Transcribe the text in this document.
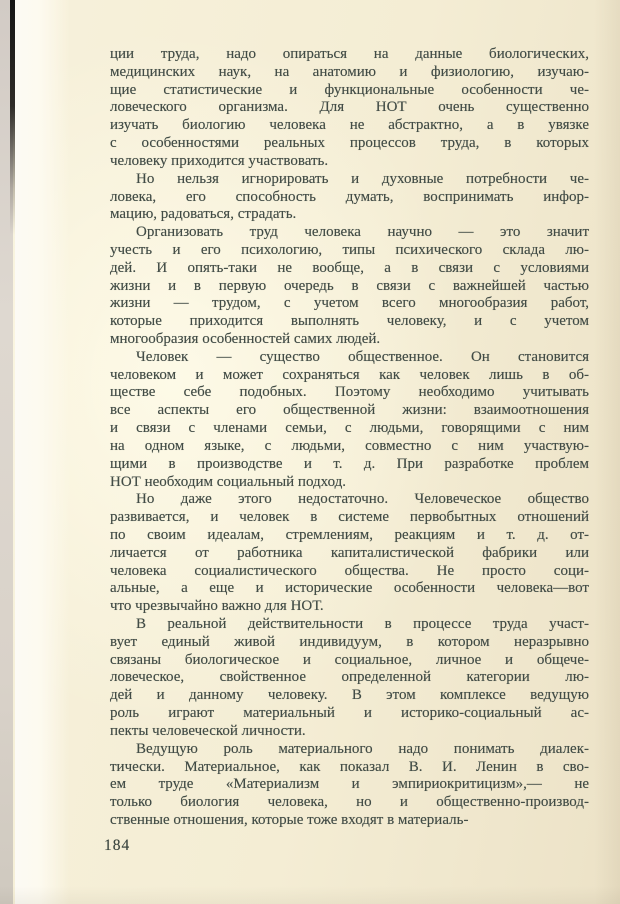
ции труда, надо опираться на данные биологических,
медицинских наук, на анатомию и физиологию, изучаю-
щие статистические и функциональные особенности че-
ловеческого организма. Для НОТ очень существенно
изучать биологию человека не абстрактно, а в увязке
с особенностями реальных процессов труда, в которых
человеку приходится участвовать.
Но нельзя игнорировать и духовные потребности че-
ловека, его способность думать, воспринимать инфор-
мацию, радоваться, страдать.
Организовать труд человека научно — это значит
учесть и его психологию, типы психического склада лю-
дей. И опять-таки не вообще, а в связи с условиями
жизни и в первую очередь в связи с важнейшей частью
жизни — трудом, с учетом всего многообразия работ,
которые приходится выполнять человеку, и с учетом
многообразия особенностей самих людей.
Человек — существо общественное. Он становится
человеком и может сохраняться как человек лишь в об-
ществе себе подобных. Поэтому необходимо учитывать
все аспекты его общественной жизни: взаимоотношения
и связи с членами семьи, с людьми, говорящими с ним
на одном языке, с людьми, совместно с ним участвую-
щими в производстве и т. д. При разработке проблем
НОТ необходим социальный подход.
Но даже этого недостаточно. Человеческое общество
развивается, и человек в системе первобытных отношений
по своим идеалам, стремлениям, реакциям и т. д. от-
личается от работника капиталистической фабрики или
человека социалистического общества. Не просто соци-
альные, а еще и исторические особенности человека—вот
что чрезвычайно важно для НОТ.
В реальной действительности в процессе труда участ-
вует единый живой индивидуум, в котором неразрывно
связаны биологическое и социальное, личное и общече-
ловеческое, свойственное определенной категории лю-
дей и данному человеку. В этом комплексе ведущую
роль играют материальный и историко-социальный ас-
пекты человеческой личности.
Ведущую роль материального надо понимать диалек-
тически. Материальное, как показал В. И. Ленин в сво-
ем труде «Материализм и эмпириокритицизм»,— не
только биология человека, но и общественно-производ-
ственные отношения, которые тоже входят в материаль-
184
